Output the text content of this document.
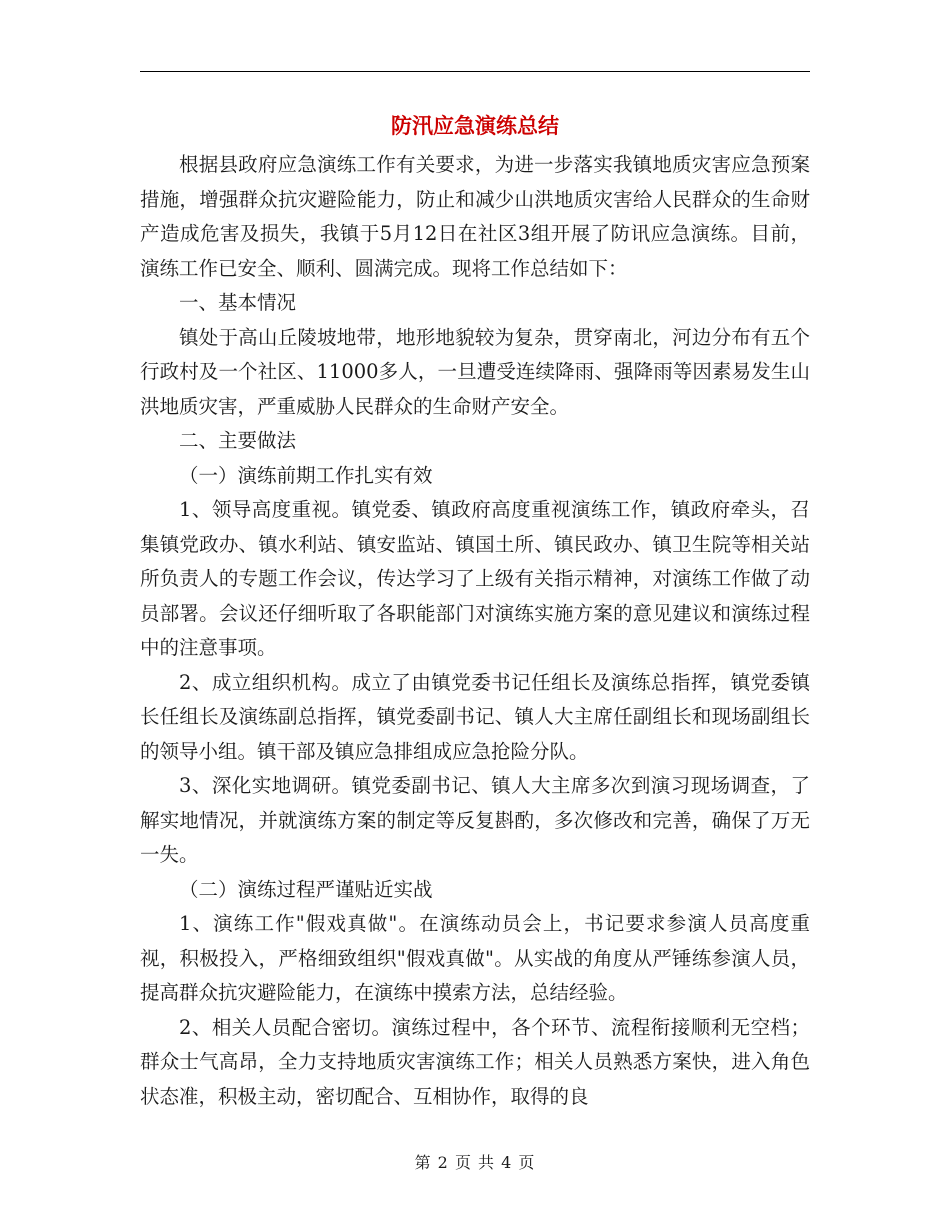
防汛应急演练总结

根据县政府应急演练工作有关要求，为进一步落实我镇地质灾害应急预案措施，增强群众抗灾避险能力，防止和减少山洪地质灾害给人民群众的生命财产造成危害及损失，我镇于5月12日在社区3组开展了防讯应急演练。目前，演练工作已安全、顺利、圆满完成。现将工作总结如下：

一、基本情况

镇处于高山丘陵坡地带，地形地貌较为复杂，贯穿南北，河边分布有五个行政村及一个社区、11000多人，一旦遭受连续降雨、强降雨等因素易发生山洪地质灾害，严重威胁人民群众的生命财产安全。

二、主要做法

（一）演练前期工作扎实有效

1、领导高度重视。镇党委、镇政府高度重视演练工作，镇政府牵头，召集镇党政办、镇水利站、镇安监站、镇国土所、镇民政办、镇卫生院等相关站所负责人的专题工作会议，传达学习了上级有关指示精神，对演练工作做了动员部署。会议还仔细听取了各职能部门对演练实施方案的意见建议和演练过程中的注意事项。

2、成立组织机构。成立了由镇党委书记任组长及演练总指挥，镇党委镇长任组长及演练副总指挥，镇党委副书记、镇人大主席任副组长和现场副组长的领导小组。镇干部及镇应急排组成应急抢险分队。

3、深化实地调研。镇党委副书记、镇人大主席多次到演习现场调查，了解实地情况，并就演练方案的制定等反复斟酌，多次修改和完善，确保了万无一失。

（二）演练过程严谨贴近实战

1、演练工作"假戏真做"。在演练动员会上，书记要求参演人员高度重视，积极投入，严格细致组织"假戏真做"。从实战的角度从严锤练参演人员，提高群众抗灾避险能力，在演练中摸索方法，总结经验。

2、相关人员配合密切。演练过程中，各个环节、流程衔接顺利无空档；群众士气高昂，全力支持地质灾害演练工作；相关人员熟悉方案快，进入角色状态准，积极主动，密切配合、互相协作，取得的良

第 2 页 共 4 页
